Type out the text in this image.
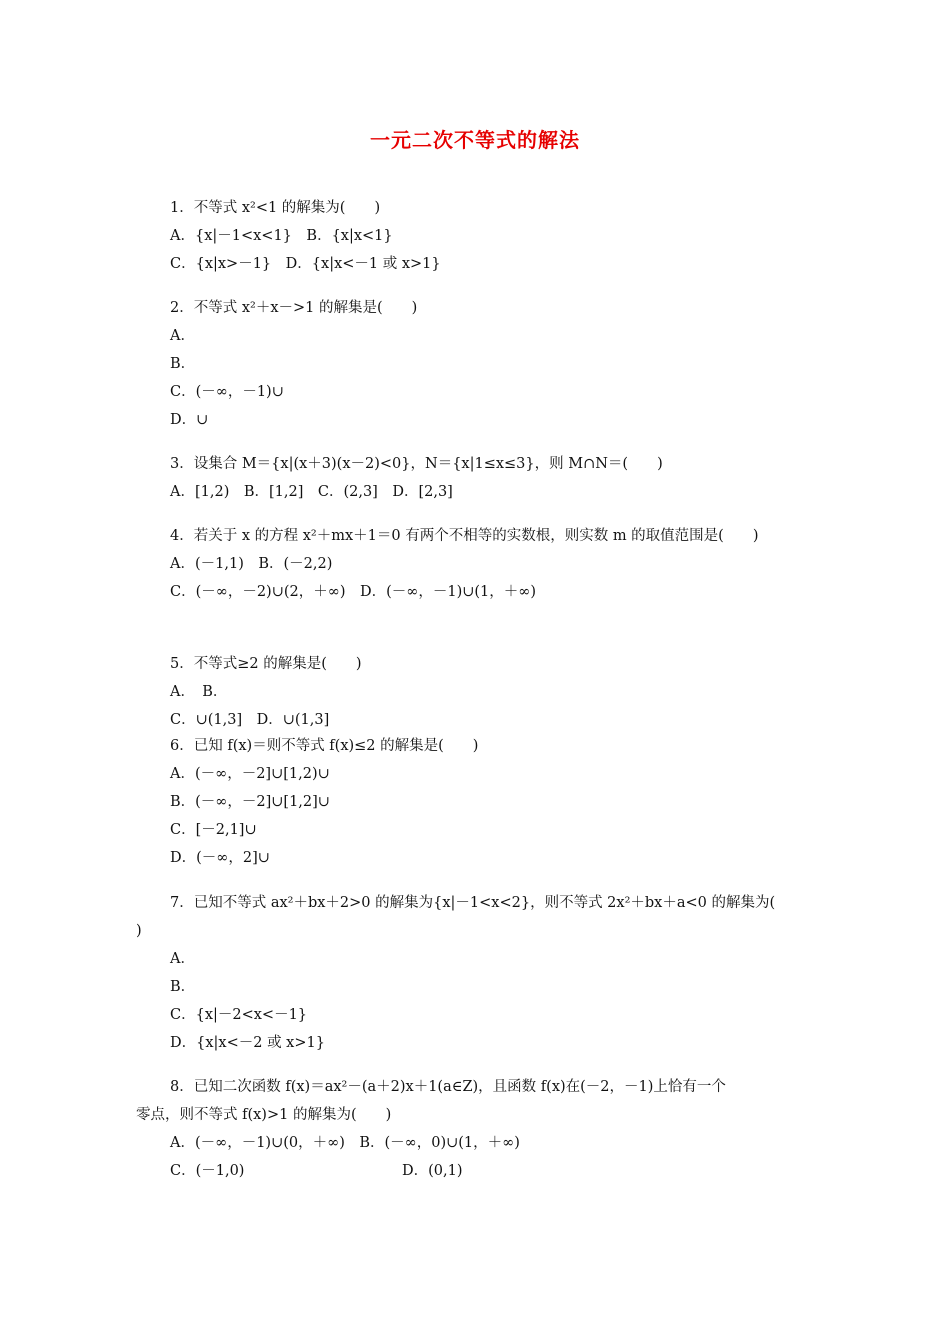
一元二次不等式的解法
1．不等式 x²<1 的解集为(　　)
A．{x|－1<x<1}　B．{x|x<1}
C．{x|x>－1}　D．{x|x<－1 或 x>1}
2．不等式 x²＋x－>1 的解集是(　　)
A．
B．
C．(－∞，－1)∪
D．∪
3．设集合 M＝{x|(x＋3)(x－2)<0}，N＝{x|1≤x≤3}，则 M∩N＝(　　)
A．[1,2)　B．[1,2]　C．(2,3]　D．[2,3]
4．若关于 x 的方程 x²＋mx＋1＝0 有两个不相等的实数根，则实数 m 的取值范围是(　　)
A．(－1,1)　B．(－2,2)
C．(－∞，－2)∪(2，＋∞)　D．(－∞，－1)∪(1，＋∞)
5．不等式≥2 的解集是(　　)
A．　B．
C．∪(1,3]　D．∪(1,3]
6．已知 f(x)＝则不等式 f(x)≤2 的解集是(　　)
A．(－∞，－2]∪[1,2)∪
B．(－∞，－2]∪[1,2]∪
C．[－2,1]∪
D．(－∞，2]∪
7．已知不等式 ax²＋bx＋2>0 的解集为{x|－1<x<2}，则不等式 2x²＋bx＋a<0 的解集为(
)
A．
B．
C．{x|－2<x<－1}
D．{x|x<－2 或 x>1}
8．已知二次函数 f(x)＝ax²－(a＋2)x＋1(a∈Z)，且函数 f(x)在(－2，－1)上恰有一个
零点，则不等式 f(x)>1 的解集为(　　)
A．(－∞，－1)∪(0，＋∞)　B．(－∞，0)∪(1，＋∞)
C．(－1,0)	D．(0,1)
